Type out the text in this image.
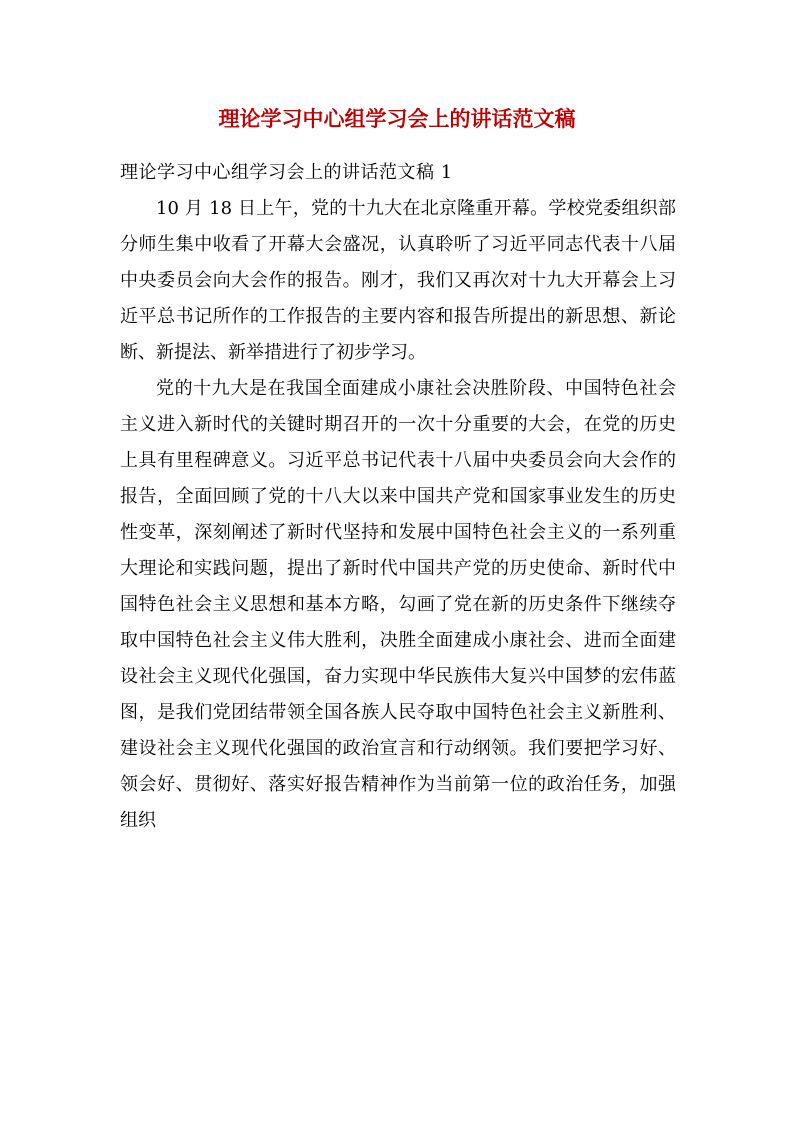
理论学习中心组学习会上的讲话范文稿

理论学习中心组学习会上的讲话范文稿 1

10 月 18 日上午，党的十九大在北京隆重开幕。学校党委组织部分师生集中收看了开幕大会盛况，认真聆听了习近平同志代表十八届中央委员会向大会作的报告。刚才，我们又再次对十九大开幕会上习近平总书记所作的工作报告的主要内容和报告所提出的新思想、新论断、新提法、新举措进行了初步学习。

党的十九大是在我国全面建成小康社会决胜阶段、中国特色社会主义进入新时代的关键时期召开的一次十分重要的大会，在党的历史上具有里程碑意义。习近平总书记代表十八届中央委员会向大会作的报告，全面回顾了党的十八大以来中国共产党和国家事业发生的历史性变革，深刻阐述了新时代坚持和发展中国特色社会主义的一系列重大理论和实践问题，提出了新时代中国共产党的历史使命、新时代中国特色社会主义思想和基本方略，勾画了党在新的历史条件下继续夺取中国特色社会主义伟大胜利，决胜全面建成小康社会、进而全面建设社会主义现代化强国，奋力实现中华民族伟大复兴中国梦的宏伟蓝图，是我们党团结带领全国各族人民夺取中国特色社会主义新胜利、建设社会主义现代化强国的政治宣言和行动纲领。我们要把学习好、领会好、贯彻好、落实好报告精神作为当前第一位的政治任务，加强组织
